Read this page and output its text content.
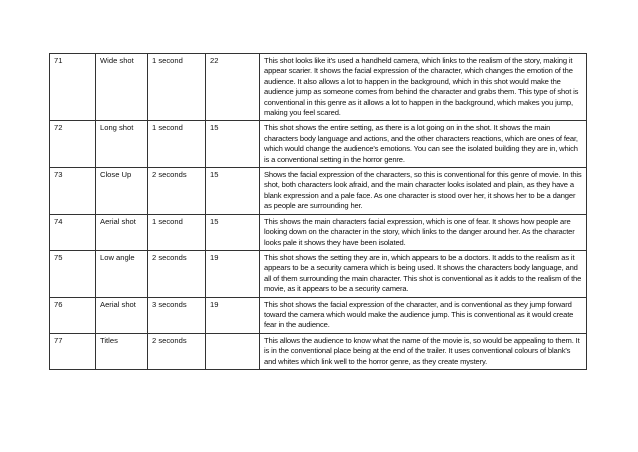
71	Wide shot	1 second	22	This shot looks like it's used a handheld camera, which links to the realism of the story, making it appear scarier. It shows the facial expression of the character, which changes the emotion of the audience. It also allows a lot to happen in the background, which in this shot would make the audience jump as someone comes from behind the character and grabs them. This type of shot is conventional in this genre as it allows a lot to happen in the background, which makes you jump, making you feel scared.
72	Long shot	1 second	15	This shot shows the entire setting, as there is a lot going on in the shot. It shows the main characters body language and actions, and the other characters reactions, which are ones of fear, which would change the audience's emotions. You can see the isolated building they are in, which is a conventional setting in the horror genre.
73	Close Up	2 seconds	15	Shows the facial expression of the characters, so this is conventional for this genre of movie. In this shot, both characters look afraid, and the main character looks isolated and plain, as they have a blank expression and a pale face. As one character is stood over her, it shows her to be a danger as people are surrounding her.
74	Aerial shot	1 second	15	This shows the main characters facial expression, which is one of fear. It shows how people are looking down on the character in the story, which links to the danger around her. As the character looks pale it shows they have been isolated.
75	Low angle	2 seconds	19	This shot shows the setting they are in, which appears to be a doctors. It adds to the realism as it appears to be a security camera which is being used. It shows the characters body language, and all of them surrounding the main character. This shot is conventional as it adds to the realism of the movie, as it appears to be a security camera.
76	Aerial shot	3 seconds	19	This shot shows the facial expression of the character, and is conventional as they jump forward toward the camera which would make the audience jump. This is conventional as it would create fear in the audience.
77	Titles	2 seconds		This allows the audience to know what the name of the movie is, so would be appealing to them. It is in the conventional place being at the end of the trailer. It uses conventional colours of blank's and whites which link well to the horror genre, as they create mystery.
